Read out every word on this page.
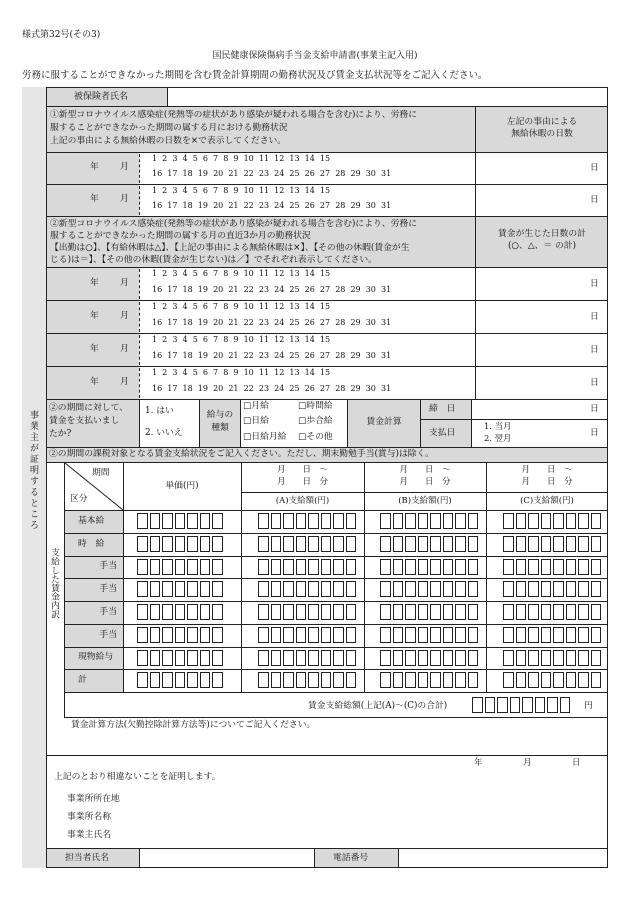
様式第32号(その3)
国民健康保険傷病手当金支給申請書(事業主記入用)
労務に服することができなかった期間を含む賃金計算期間の勤務状況及び賃金支払状況等をご記入ください。
事業主が証明するところ
被保険者氏名
①新型コロナウイルス感染症(発熱等の症状があり感染が疑われる場合を含む)により、労務に
服することができなかった期間の属する月における勤務状況
上記の事由による無給休暇の日数を×で表示してください。
左記の事由による
無給休暇の日数
年 月
1  2  3  4  5  6  7  8  9  10  11  12  13  14  15
16  17  18  19  20  21  22  23  24  25  26  27  28  29  30  31
日
年 月
1  2  3  4  5  6  7  8  9  10  11  12  13  14  15
16  17  18  19  20  21  22  23  24  25  26  27  28  29  30  31
日
②新型コロナウイルス感染症(発熱等の症状があり感染が疑われる場合を含む)により、労務に
服することができなかった期間の属する月の直近3か月の勤務状況
【出勤は○】、【有給休暇は△】、【上記の事由による無給休暇は×】、【その他の休暇(賃金が生
じる)は＝】、【その他の休暇(賃金が生じない)は／】でそれぞれ表示してください。
賃金が生じた日数の計
(○、△、＝ の計)
年 月
1  2  3  4  5  6  7  8  9  10  11  12  13  14  15
16  17  18  19  20  21  22  23  24  25  26  27  28  29  30  31
日
年 月
1  2  3  4  5  6  7  8  9  10  11  12  13  14  15
16  17  18  19  20  21  22  23  24  25  26  27  28  29  30  31
日
年 月
1  2  3  4  5  6  7  8  9  10  11  12  13  14  15
16  17  18  19  20  21  22  23  24  25  26  27  28  29  30  31
日
年 月
1  2  3  4  5  6  7  8  9  10  11  12  13  14  15
16  17  18  19  20  21  22  23  24  25  26  27  28  29  30  31
日
②の期間に対して、
賃金を支払いまし
たか?
1. はい
2. いいえ
給与の
種類
□月給	□時間給
□日給	□歩合給
□日給月給 □その他
賃金計算
締　日
支払日
日
1. 当月
2. 翌月	日
②の期間の課税対象となる賃金支給状況をご記入ください。ただし、期末勤勉手当(賞与)は除く。
支給した賃金内訳
期間
区分
単価(円)
月　　日　～
月　　日　分
月　　日　～
月　　日　分
月　　日　～
月　　日　分
(A)支給額(円)	(B)支給額(円)	(C)支給額(円)
基本給
時　給
手当
手当
手当
手当
現物給与
計
賃金支給総額(上記(A)～(C)の合計)	円
賃金計算方法(欠勤控除計算方法等)についてご記入ください。
年	月	日
上記のとおり相違ないことを証明します。
事業所所在地
事業所名称
事業主氏名
担当者氏名	電話番号
